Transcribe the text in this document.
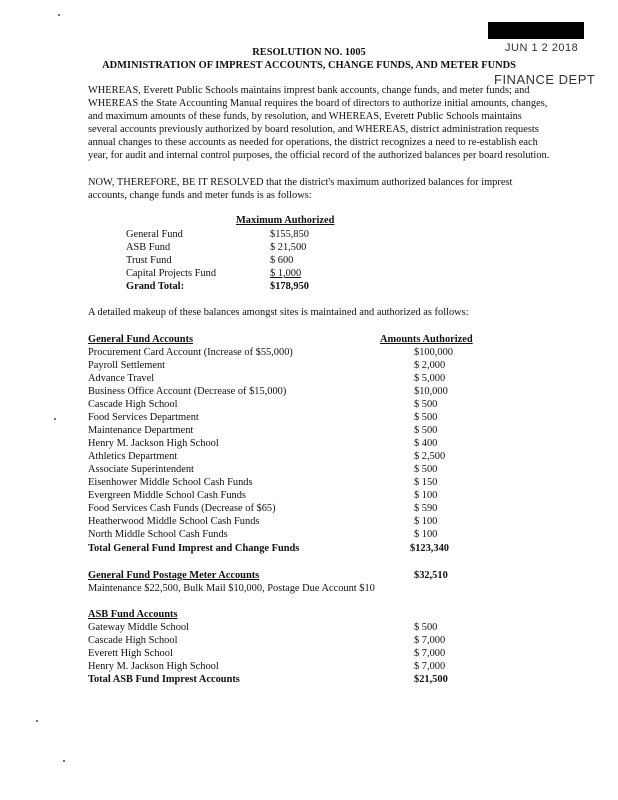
JUN 1 2 2018
FINANCE DEPT
RESOLUTION NO. 1005
ADMINISTRATION OF IMPREST ACCOUNTS, CHANGE FUNDS, AND METER FUNDS
WHEREAS, Everett Public Schools maintains imprest bank accounts, change funds, and meter funds; and
WHEREAS the State Accounting Manual requires the board of directors to authorize initial amounts, changes,
and maximum amounts of these funds, by resolution, and WHEREAS, Everett Public Schools maintains
several accounts previously authorized by board resolution, and WHEREAS, district administration requests
annual changes to these accounts as needed for operations, the district recognizes a need to re-establish each
year, for audit and internal control purposes, the official record of the authorized balances per board resolution.
NOW, THEREFORE, BE IT RESOLVED that the district's maximum authorized balances for imprest
accounts, change funds and meter funds is as follows:
Maximum Authorized
General Fund	$155,850
ASB Fund	$ 21,500
Trust Fund	$ 600
Capital Projects Fund	$ 1,000
Grand Total:	$178,950
A detailed makeup of these balances amongst sites is maintained and authorized as follows:
General Fund Accounts	Amounts Authorized
Procurement Card Account (Increase of $55,000)	$100,000
Payroll Settlement	$ 2,000
Advance Travel	$ 5,000
Business Office Account (Decrease of $15,000)	$10,000
Cascade High School	$ 500
Food Services Department	$ 500
Maintenance Department	$ 500
Henry M. Jackson High School	$ 400
Athletics Department	$ 2,500
Associate Superintendent	$ 500
Eisenhower Middle School Cash Funds	$ 150
Evergreen Middle School Cash Funds	$ 100
Food Services Cash Funds (Decrease of $65)	$ 590
Heatherwood Middle School Cash Funds	$ 100
North Middle School Cash Funds	$ 100
Total General Fund Imprest and Change Funds	$123,340
General Fund Postage Meter Accounts	$32,510
Maintenance $22,500, Bulk Mail $10,000, Postage Due Account $10
ASB Fund Accounts
Gateway Middle School	$ 500
Cascade High School	$ 7,000
Everett High School	$ 7,000
Henry M. Jackson High School	$ 7,000
Total ASB Fund Imprest Accounts	$21,500
